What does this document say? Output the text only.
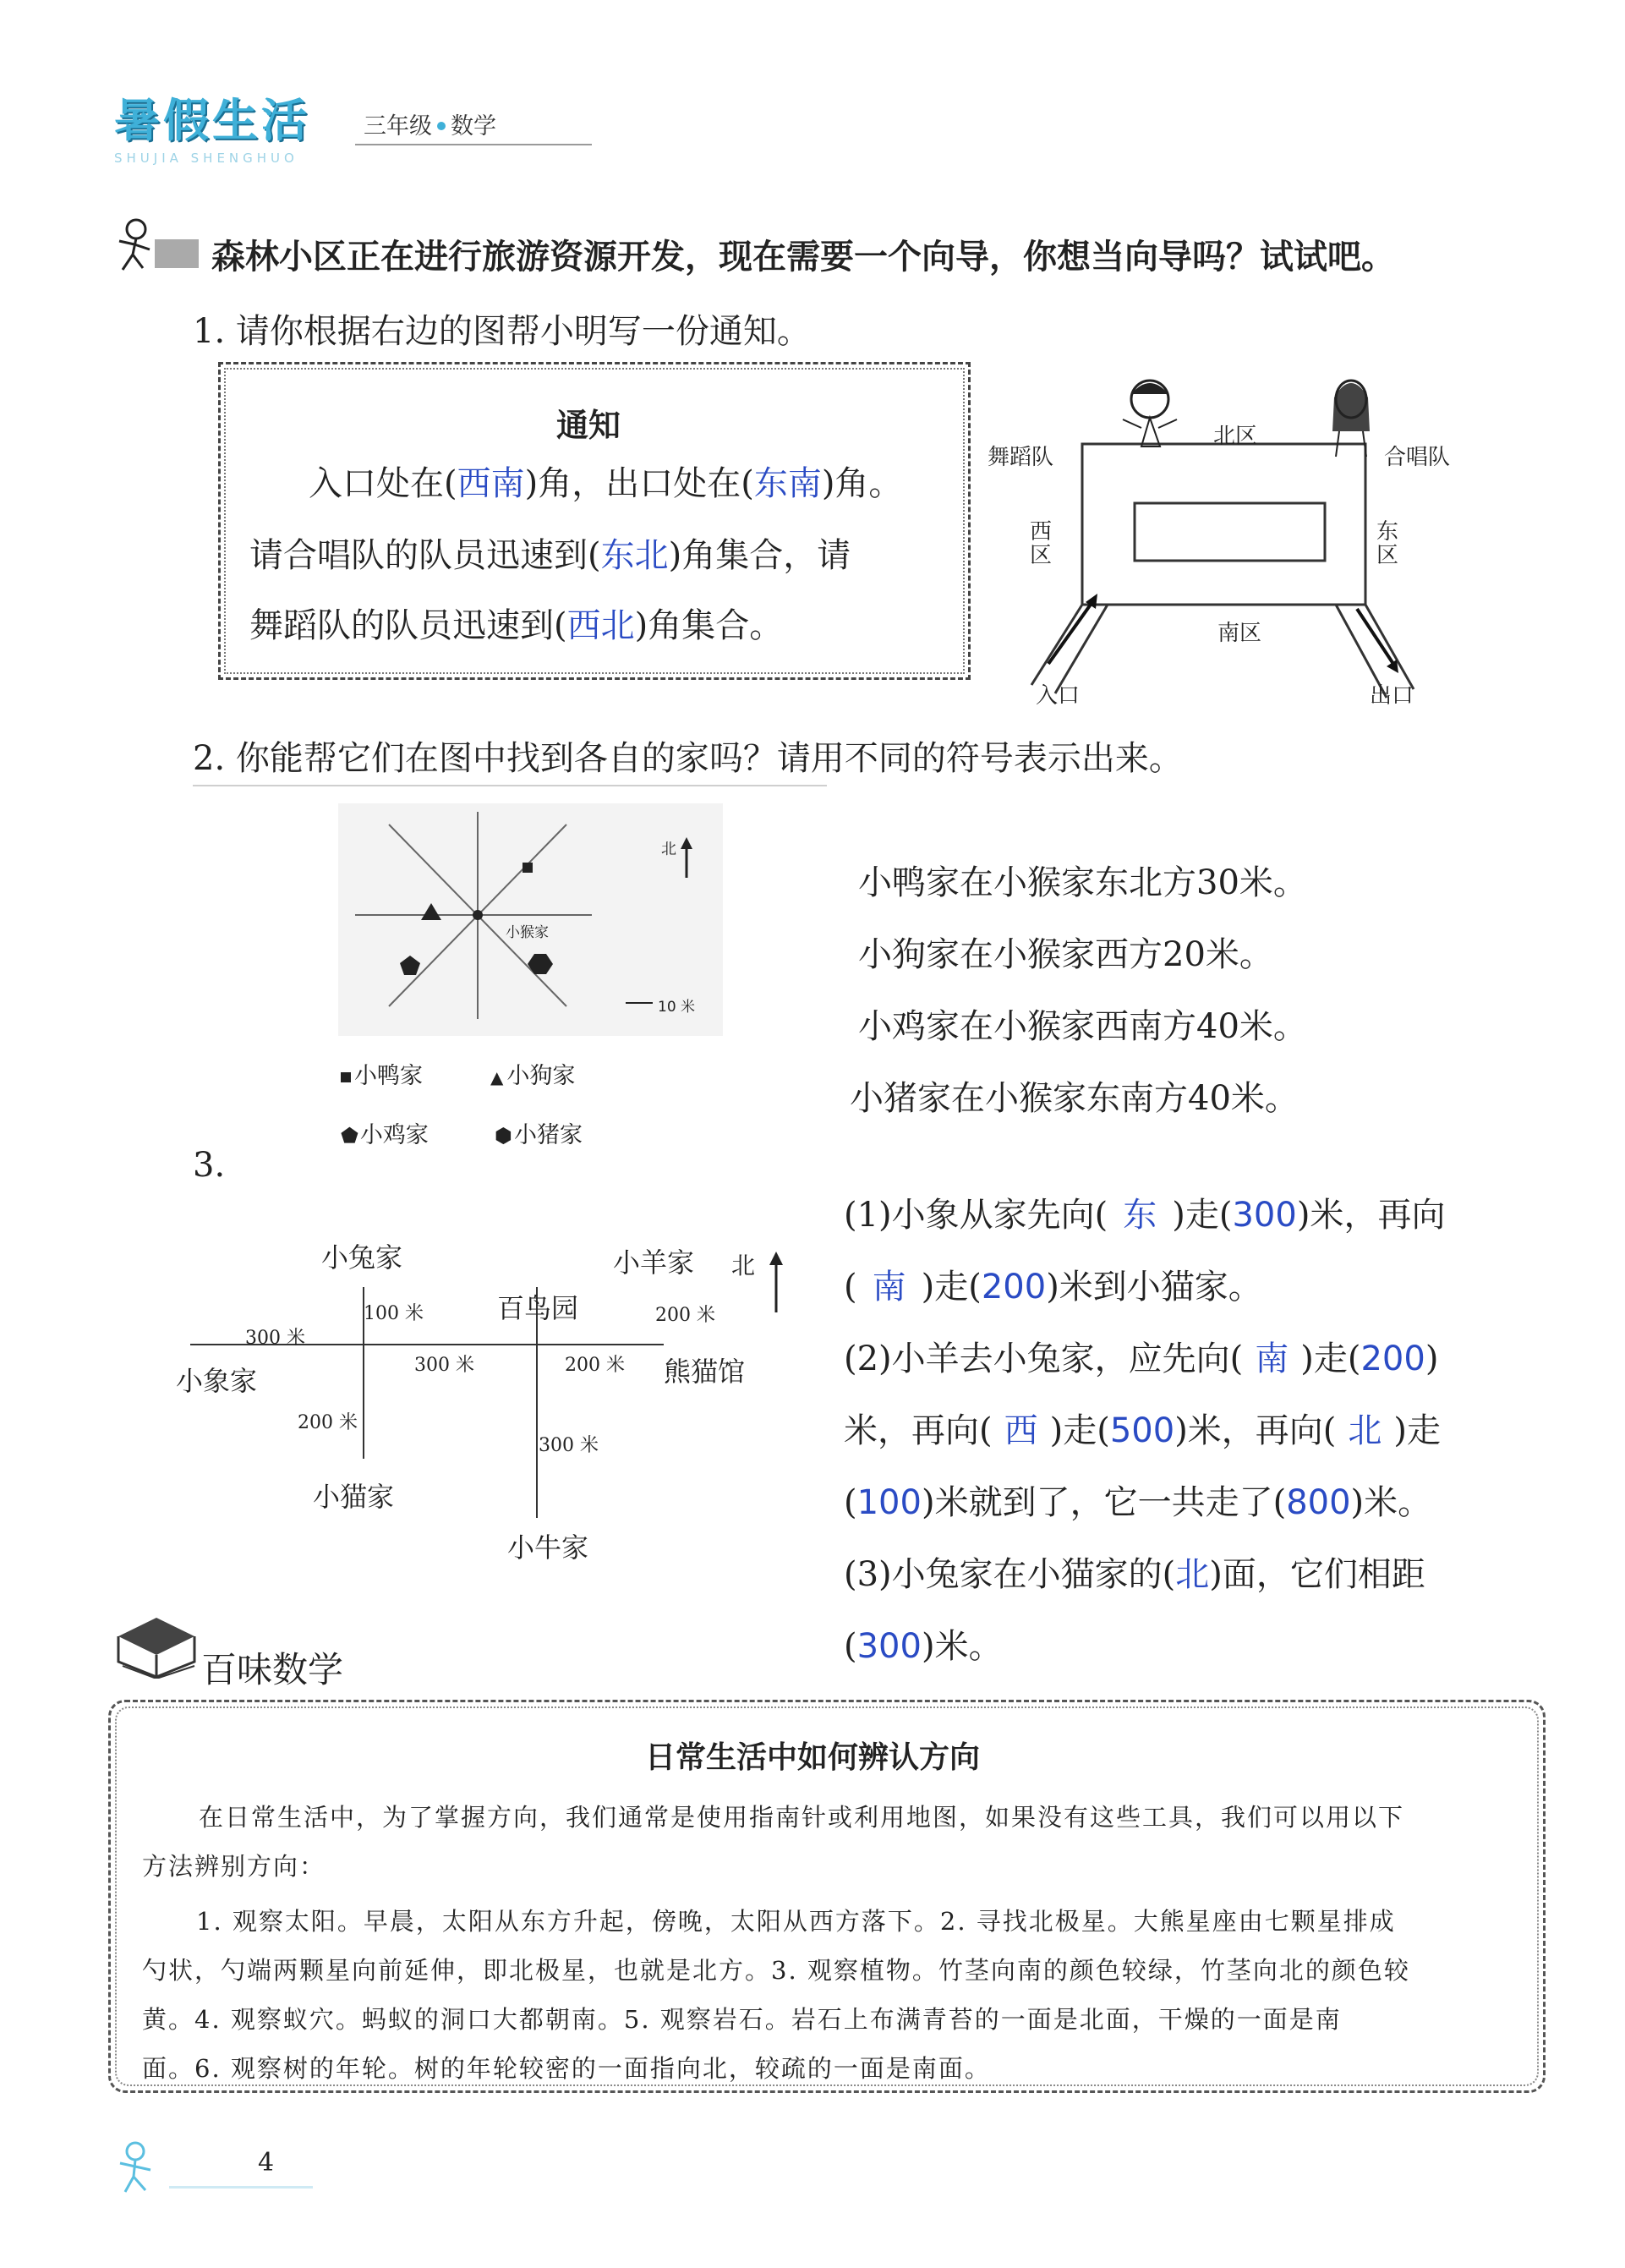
暑假生活
SHUJIA SHENGHUO
三年级 数学
森林小区正在进行旅游资源开发，现在需要一个向导，你想当向导吗？试试吧。
1. 请你根据右边的图帮小明写一份通知。
通知
入口处在(西南)角，出口处在(东南)角。
请合唱队的队员迅速到(东北)角集合，请
舞蹈队的队员迅速到(西北)角集合。
舞蹈队
北区
合唱队
西区
东区
南区
入口	出口
2. 你能帮它们在图中找到各自的家吗？请用不同的符号表示出来。
北
小猴家
10 米
小鸭家	▲ 小狗家
⬟小鸡家	⬢小猪家
小鸭家在小猴家东北方30米。
小狗家在小猴家西方20米。
小鸡家在小猴家西南方40米。
小猪家在小猴家东南方40米。
3.
小兔家	小羊家 北
百鸟园
100 米	200 米
300 米
300 米	200 米
小象家	熊猫馆
200 米
300 米
小猫家
小牛家
(1)小象从家先向( 东 )走(300)米，再向
( 南 )走(200)米到小猫家。
(2)小羊去小兔家，应先向( 南 )走(200)
米，再向( 西 )走(500)米，再向( 北 )走
(100)米就到了，它一共走了(800)米。
(3)小兔家在小猫家的(北)面，它们相距
(300)米。
百味数学
日常生活中如何辨认方向
在日常生活中，为了掌握方向，我们通常是使用指南针或利用地图，如果没有这些工具，我们可以用以下
方法辨别方向：
1. 观察太阳。早晨，太阳从东方升起，傍晚，太阳从西方落下。2. 寻找北极星。大熊星座由七颗星排成
勺状，勺端两颗星向前延伸，即北极星，也就是北方。3. 观察植物。竹茎向南的颜色较绿，竹茎向北的颜色较
黄。4. 观察蚁穴。蚂蚁的洞口大都朝南。5. 观察岩石。岩石上布满青苔的一面是北面，干燥的一面是南
面。6. 观察树的年轮。树的年轮较密的一面指向北，较疏的一面是南面。
4
